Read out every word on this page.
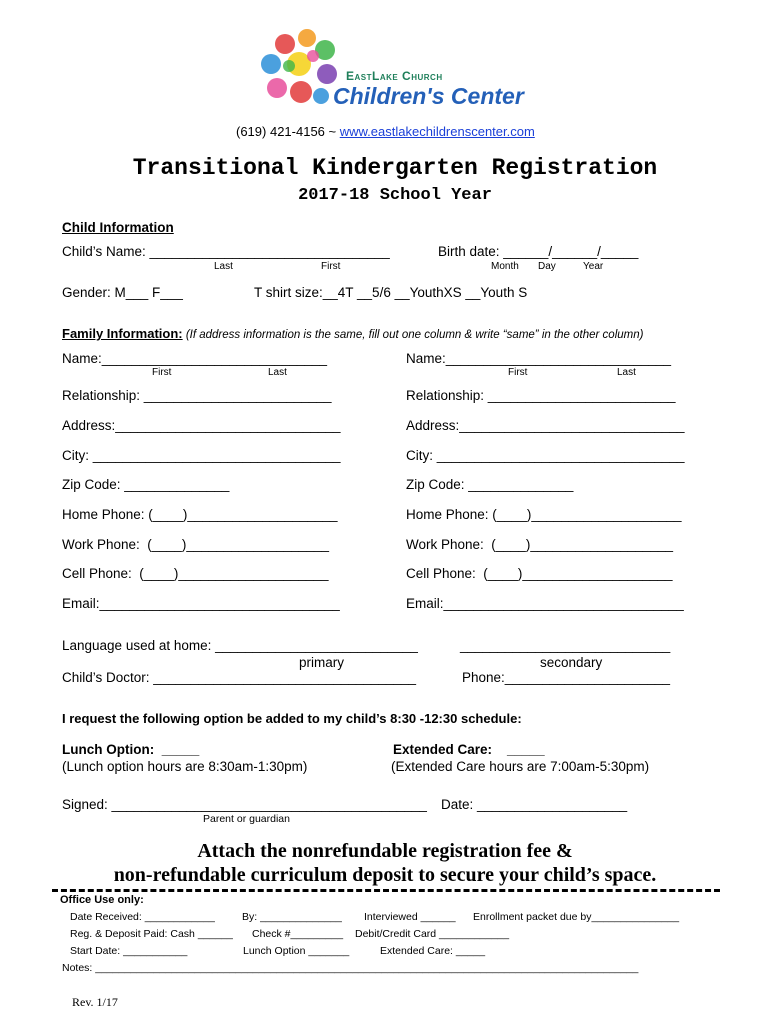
EastLake Church
Children's Center
(619) 421-4156 ~ www.eastlakechildrenscenter.com
Transitional Kindergarten Registration
2017-18 School Year
Child Information
Child’s Name: ________________________________
Last	First
Birth date: ______/______/_____
Month Day	Year
Gender: M___ F___	T shirt size:__4T __5/6 __YouthXS __Youth S
Family Information: (If address information is the same, fill out one column & write “same” in the other column)
Name:______________________________
First	Last
Relationship: _________________________
Address:______________________________
City: _________________________________
Zip Code: ______________
Home Phone: (____)____________________
Work Phone:  (____)___________________
Cell Phone:  (____)____________________
Email:________________________________
Name:______________________________
First	Last
Relationship: _________________________
Address:______________________________
City: _________________________________
Zip Code: ______________
Home Phone: (____)____________________
Work Phone:  (____)___________________
Cell Phone:  (____)____________________
Email:________________________________
Language used at home: ___________________________
primary
____________________________
secondary
Child’s Doctor: ___________________________________	Phone:______________________
I request the following option be added to my child’s 8:30 -12:30 schedule:
Lunch Option:  _____
(Lunch option hours are 8:30am-1:30pm)
Extended Care:    _____
(Extended Care hours are 7:00am-5:30pm)
Signed: __________________________________________
Parent or guardian
Date: ____________________
Attach the nonrefundable registration fee &
non-refundable curriculum deposit to secure your child’s space.
Office Use only:
Date Received: ____________	By: ______________ Interviewed ______ Enrollment packet due by_______________
Reg. & Deposit Paid: Cash ______ Check #_________ Debit/Credit Card ____________
Start Date: ___________	Lunch Option _______	Extended Care: _____
Notes: _____________________________________________________________________________________________
Rev. 1/17
